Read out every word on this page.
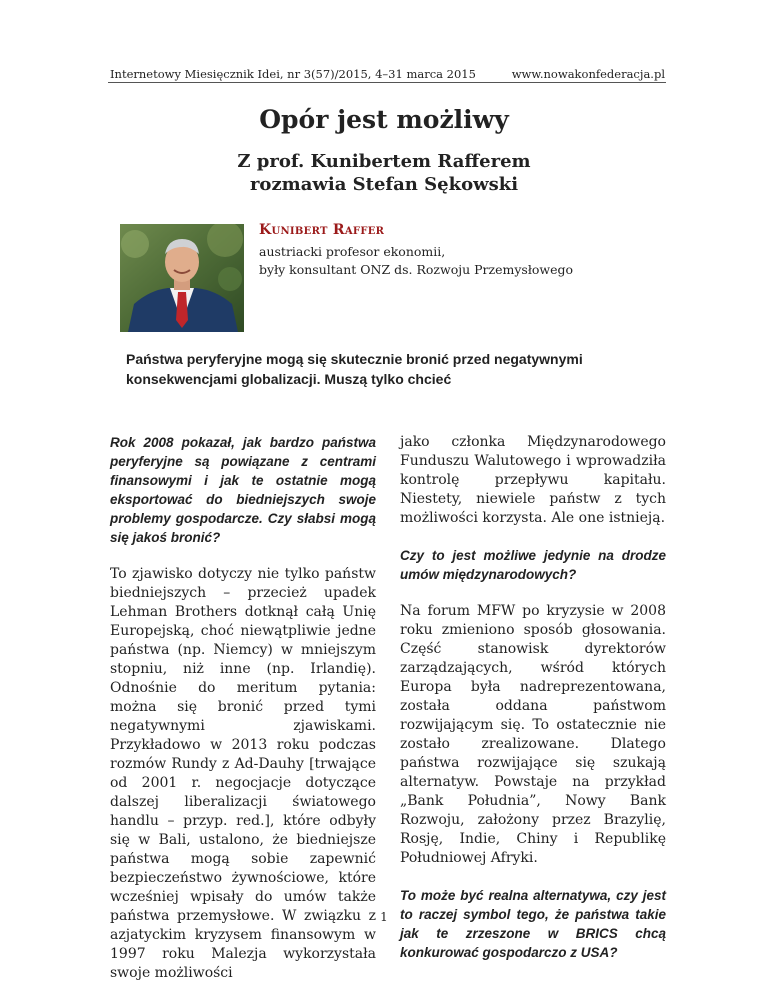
Internetowy Miesięcznik Idei, nr 3(57)/2015, 4–31 marca 2015	www.nowakonfederacja.pl
Opór jest możliwy
Z prof. Kunibertem Rafferem
rozmawia Stefan Sękowski
Kunibert Raffer
austriacki profesor ekonomii,
były konsultant ONZ ds. Rozwoju Przemysłowego
Państwa peryferyjne mogą się skutecznie bronić przed negatywnymi konsekwencjami globalizacji. Muszą tylko chcieć

Rok 2008 pokazał, jak bardzo państwa peryferyjne są powiązane z centrami finansowymi i jak te ostatnie mogą eksportować do biedniejszych swoje problemy gospodarcze. Czy słabsi mogą się jakoś bronić?

To zjawisko dotyczy nie tylko państw biedniejszych – przecież upadek Lehman Brothers dotknął całą Unię Europejską, choć niewątpliwie jedne państwa (np. Niemcy) w mniejszym stopniu, niż inne (np. Irlandię). Odnośnie do meritum pytania: można się bronić przed tymi negatywnymi zjawiskami. Przykładowo w 2013 roku podczas rozmów Rundy z Ad-Dauhy [trwające od 2001 r. negocjacje dotyczące dalszej liberalizacji światowego handlu – przyp. red.], które odbyły się w Bali, ustalono, że biedniejsze państwa mogą sobie zapewnić bezpieczeństwo żywnościowe, które wcześniej wpisały do umów także państwa przemysłowe. W związku z azjatyckim kryzysem finansowym w 1997 roku Malezja wykorzystała swoje możliwości

jako członka Międzynarodowego Funduszu Walutowego i wprowadziła kontrolę przepływu kapitału. Niestety, niewiele państw z tych możliwości korzysta. Ale one istnieją.

Czy to jest możliwe jedynie na drodze umów międzynarodowych?

Na forum MFW po kryzysie w 2008 roku zmieniono sposób głosowania. Część stanowisk dyrektorów zarządzających, wśród których Europa była nadreprezentowana, została oddana państwom rozwijającym się. To ostatecznie nie zostało zrealizowane. Dlatego państwa rozwijające się szukają alternatyw. Powstaje na przykład „Bank Południa”, Nowy Bank Rozwoju, założony przez Brazylię, Rosję, Indie, Chiny i Republikę Południowej Afryki.

To może być realna alternatywa, czy jest to raczej symbol tego, że państwa takie jak te zrzeszone w BRICS chcą konkurować gospodarczo z USA?

1
